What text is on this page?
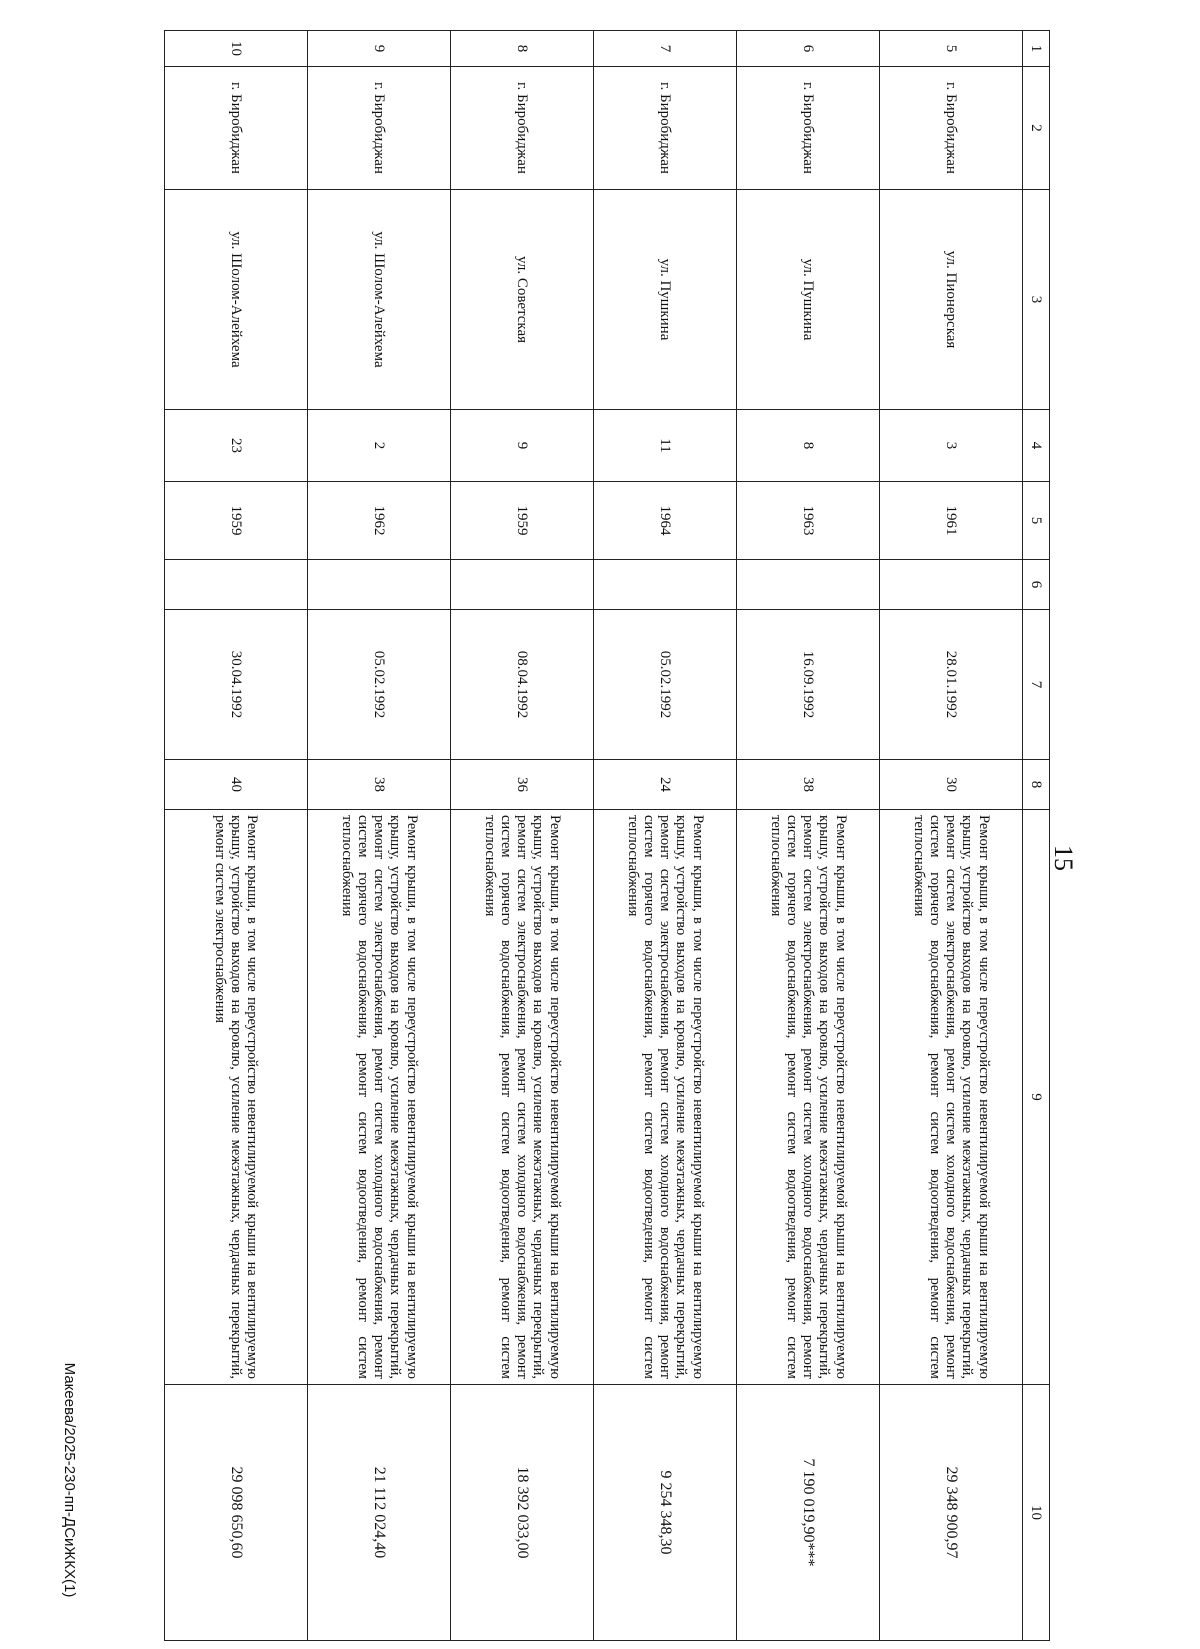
15
1	2	3	4	5	6	7	8	9	10
5	г. Биробиджан	ул. Пионерская	3	1961		28.01.1992	30	Ремонт крыши, в том числе переустройство невентилируемой крыши на вентилируемую крышу, устройство выходов на кровлю, усиление межэтажных, чердачных перекрытий, ремонт систем электроснабжения, ремонт систем холодного водоснабжения, ремонт систем горячего водоснабжения, ремонт систем водоотведения, ремонт систем теплоснабжения	29 348 900,97
6	г. Биробиджан	ул. Пушкина	8	1963		16.09.1992	38	Ремонт крыши, в том числе переустройство невентилируемой крыши на вентилируемую крышу, устройство выходов на кровлю, усиление межэтажных, чердачных перекрытий, ремонт систем электроснабжения, ремонт систем холодного водоснабжения, ремонт систем горячего водоснабжения, ремонт систем водоотведения, ремонт систем теплоснабжения	7 190 019,90***
7	г. Биробиджан	ул. Пушкина	11	1964		05.02.1992	24	Ремонт крыши, в том числе переустройство невентилируемой крыши на вентилируемую крышу, устройство выходов на кровлю, усиление межэтажных, чердачных перекрытий, ремонт систем электроснабжения, ремонт систем холодного водоснабжения, ремонт систем горячего водоснабжения, ремонт систем водоотведения, ремонт систем теплоснабжения	9 254 348,30
8	г. Биробиджан	ул. Советская	9	1959		08.04.1992	36	Ремонт крыши, в том числе переустройство невентилируемой крыши на вентилируемую крышу, устройство выходов на кровлю, усиление межэтажных, чердачных перекрытий, ремонт систем электроснабжения, ремонт систем холодного водоснабжения, ремонт систем горячего водоснабжения, ремонт систем водоотведения, ремонт систем теплоснабжения	18 392 033,00
9	г. Биробиджан	ул. Шолом-Алейхема	2	1962		05.02.1992	38	Ремонт крыши, в том числе переустройство невентилируемой крыши на вентилируемую крышу, устройство выходов на кровлю, усиление межэтажных, чердачных перекрытий, ремонт систем электроснабжения, ремонт систем холодного водоснабжения, ремонт систем горячего водоснабжения, ремонт систем водоотведения, ремонт систем теплоснабжения	21 112 024,40
10	г. Биробиджан	ул. Шолом-Алейхема	23	1959		30.04.1992	40	Ремонт крыши, в том числе переустройство невентилируемой крыши на вентилируемую крышу, устройство выходов на кровлю, усиление межэтажных, чердачных перекрытий, ремонт систем электроснабжения	29 098 650,60
Макеева/2025-230-пп-ДСиЖКХ(1)
